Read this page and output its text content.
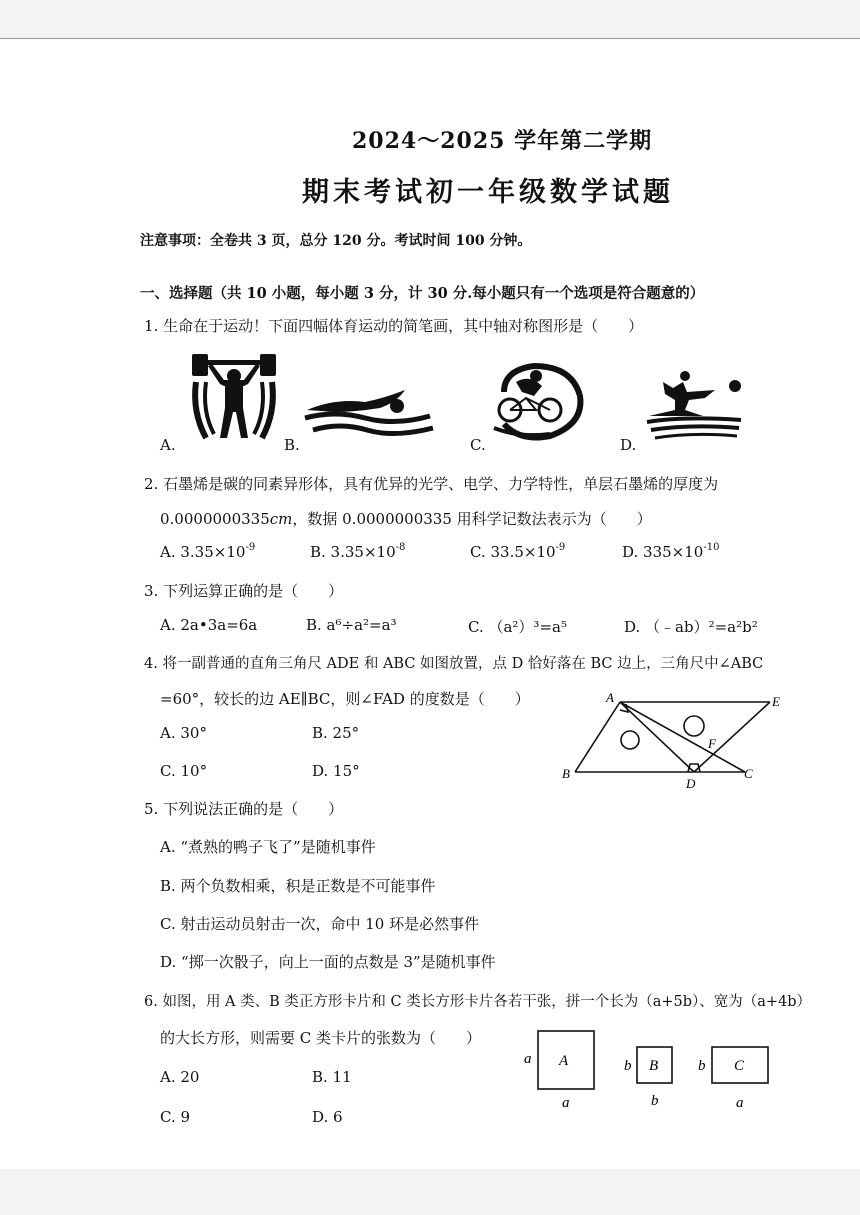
2024～2025 学年第二学期
期末考试初一年级数学试题
注意事项：全卷共 3 页，总分 120 分。考试时间 100 分钟。
一、选择题（共 10 小题，每小题 3 分，计 30 分.每小题只有一个选项是符合题意的）
1. 生命在于运动！下面四幅体育运动的简笔画，其中轴对称图形是（　　）
A.	B.	C.	D.
2. 石墨烯是碳的同素异形体，具有优异的光学、电学、力学特性，单层石墨烯的厚度为
0.0000000335cm，数据 0.0000000335 用科学记数法表示为（　　）
A. $3.35\times 10^{-9}$	B. $3.35\times 10^{-8}$	C. $33.5\times 10^{-9}$	D. $335\times 10^{-10}$
3. 下列运算正确的是（　　）
A. 2a•3a=6a	B. a⁶÷a²=a³	C. （a²）³=a⁵	D. （﹣ab）²=a²b²
4. 将一副普通的直角三角尺 ADE 和 ABC 如图放置，点 D 恰好落在 BC 边上，三角尺中∠ABC
=60°，较长的边 AE∥BC，则∠FAD 的度数是（　　）
A. 30°	B. 25°
C. 10°	D. 15°
A	E
F
B
D
C
5. 下列说法正确的是（　　）
A. “煮熟的鸭子飞了”是随机事件
B. 两个负数相乘，积是正数是不可能事件
C. 射击运动员射击一次，命中 10 环是必然事件
D. “掷一次骰子，向上一面的点数是 3”是随机事件
6. 如图，用 A 类、B 类正方形卡片和 C 类长方形卡片各若干张，拼一个长为（a+5b）、宽为（a+4b）
的大长方形，则需要 C 类卡片的张数为（　　）
A. 20	B. 11
C. 9	D. 6
A
a
a
B
b
b
C
b
a
